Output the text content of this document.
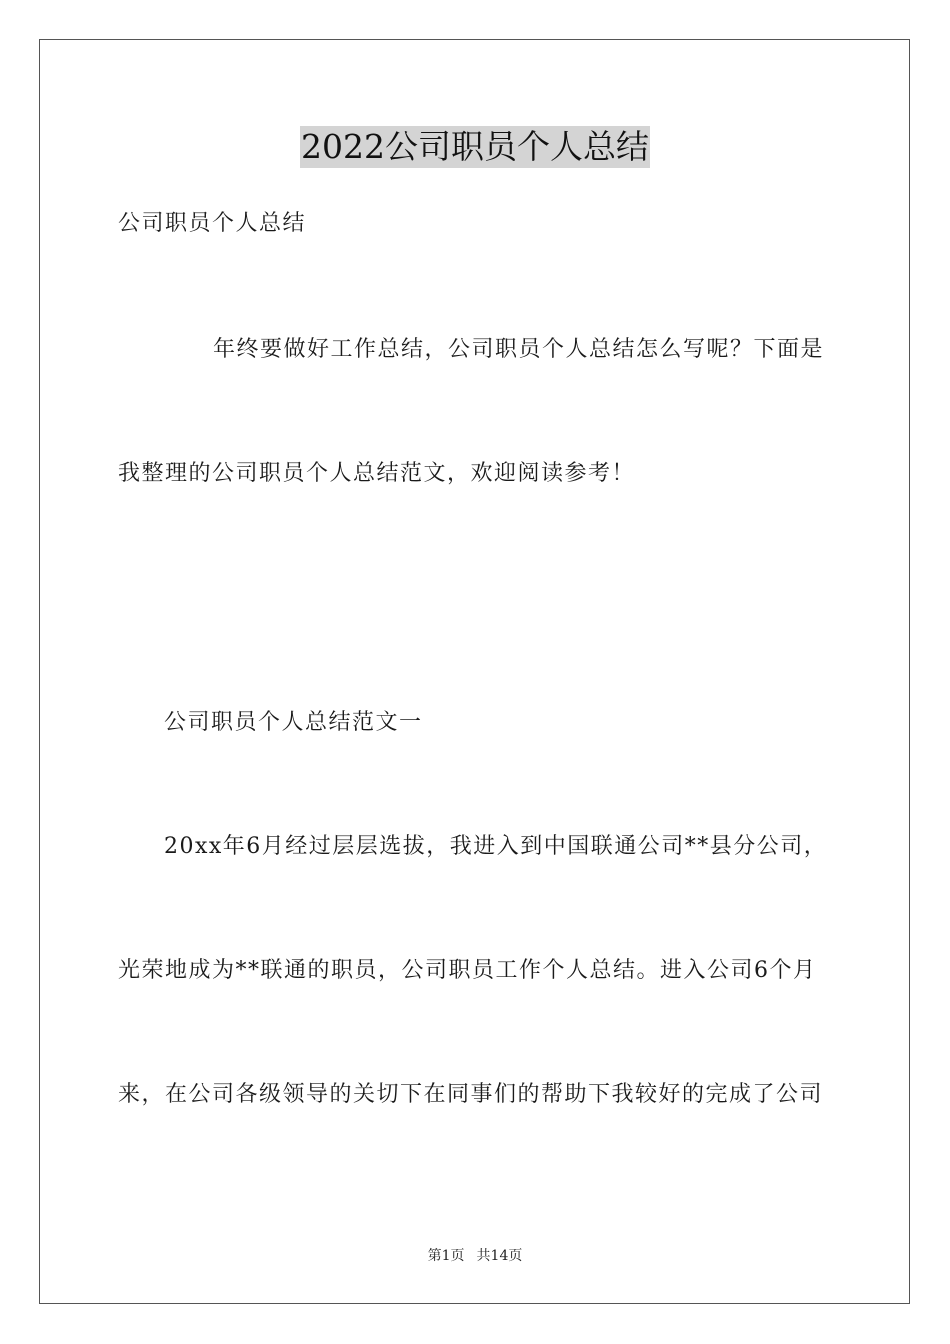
2022公司职员个人总结
公司职员个人总结
年终要做好工作总结，公司职员个人总结怎么写呢？下面是
我整理的公司职员个人总结范文，欢迎阅读参考！
公司职员个人总结范文一
20xx年6月经过层层选拔，我进入到中国联通公司**县分公司，
光荣地成为**联通的职员，公司职员工作个人总结。进入公司6个月
来，在公司各级领导的关切下在同事们的帮助下我较好的完成了公司
第1页 共14页
